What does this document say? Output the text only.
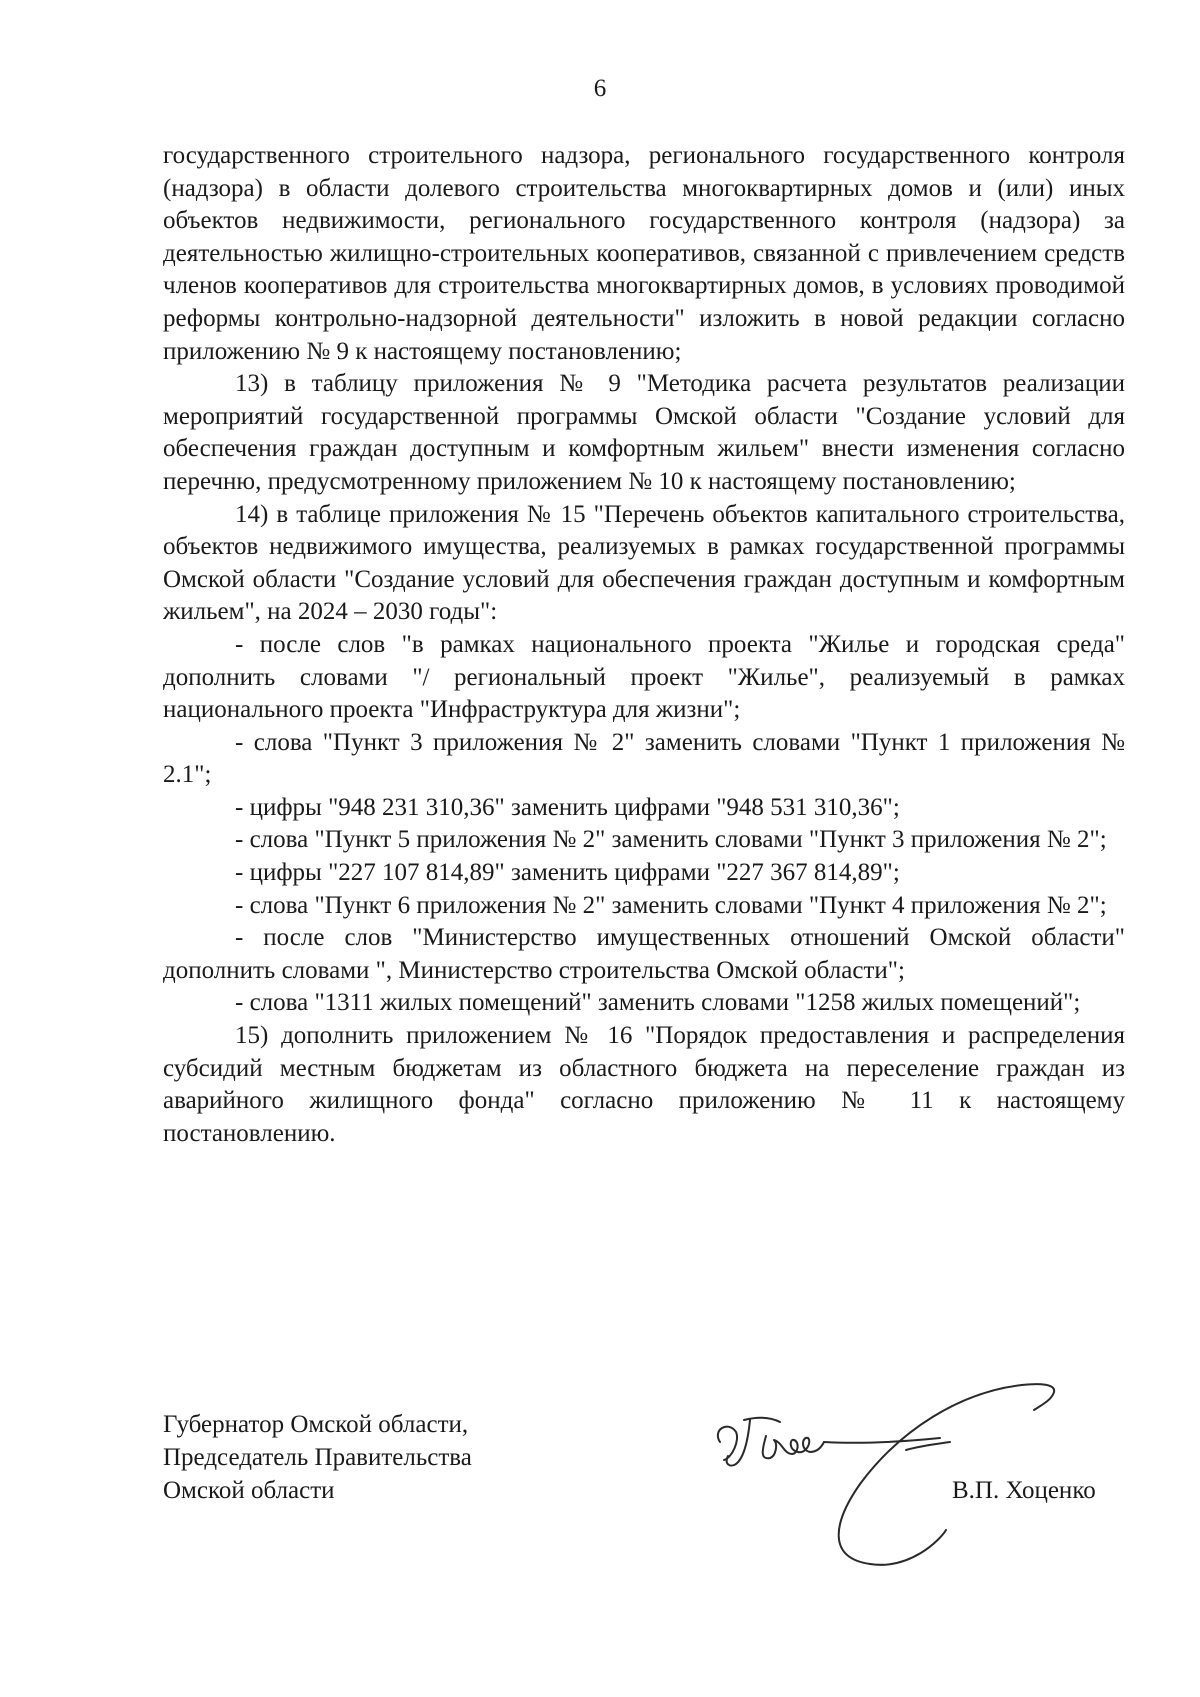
6

государственного строительного надзора, регионального государственного контроля (надзора) в области долевого строительства многоквартирных домов и (или) иных объектов недвижимости, регионального государственного контроля (надзора) за деятельностью жилищно-строительных кооперативов, связанной с привлечением средств членов кооперативов для строительства многоквартирных домов, в условиях проводимой реформы контрольно-надзорной деятельности" изложить в новой редакции согласно приложению № 9 к настоящему постановлению;

13) в таблицу приложения № 9 "Методика расчета результатов реализации мероприятий государственной программы Омской области "Создание условий для обеспечения граждан доступным и комфортным жильем" внести изменения согласно перечню, предусмотренному приложением № 10 к настоящему постановлению;

14) в таблице приложения № 15 "Перечень объектов капитального строительства, объектов недвижимого имущества, реализуемых в рамках государственной программы Омской области "Создание условий для обеспечения граждан доступным и комфортным жильем", на 2024 – 2030 годы":

- после слов "в рамках национального проекта "Жилье и городская среда" дополнить словами "/ региональный проект "Жилье", реализуемый в рамках национального проекта "Инфраструктура для жизни";

- слова "Пункт 3 приложения № 2" заменить словами "Пункт 1 приложения № 2.1";

- цифры "948 231 310,36" заменить цифрами "948 531 310,36";

- слова "Пункт 5 приложения № 2" заменить словами "Пункт 3 приложения № 2";

- цифры "227 107 814,89" заменить цифрами "227 367 814,89";

- слова "Пункт 6 приложения № 2" заменить словами "Пункт 4 приложения № 2";

- после слов "Министерство имущественных отношений Омской области" дополнить словами ", Министерство строительства Омской области";

- слова "1311 жилых помещений" заменить словами "1258 жилых помещений";

15) дополнить приложением № 16 "Порядок предоставления и распределения субсидий местным бюджетам из областного бюджета на переселение граждан из аварийного жилищного фонда" согласно приложению № 11 к настоящему постановлению.

Губернатор Омской области,
Председатель Правительства
Омской области	В.П. Хоценко
